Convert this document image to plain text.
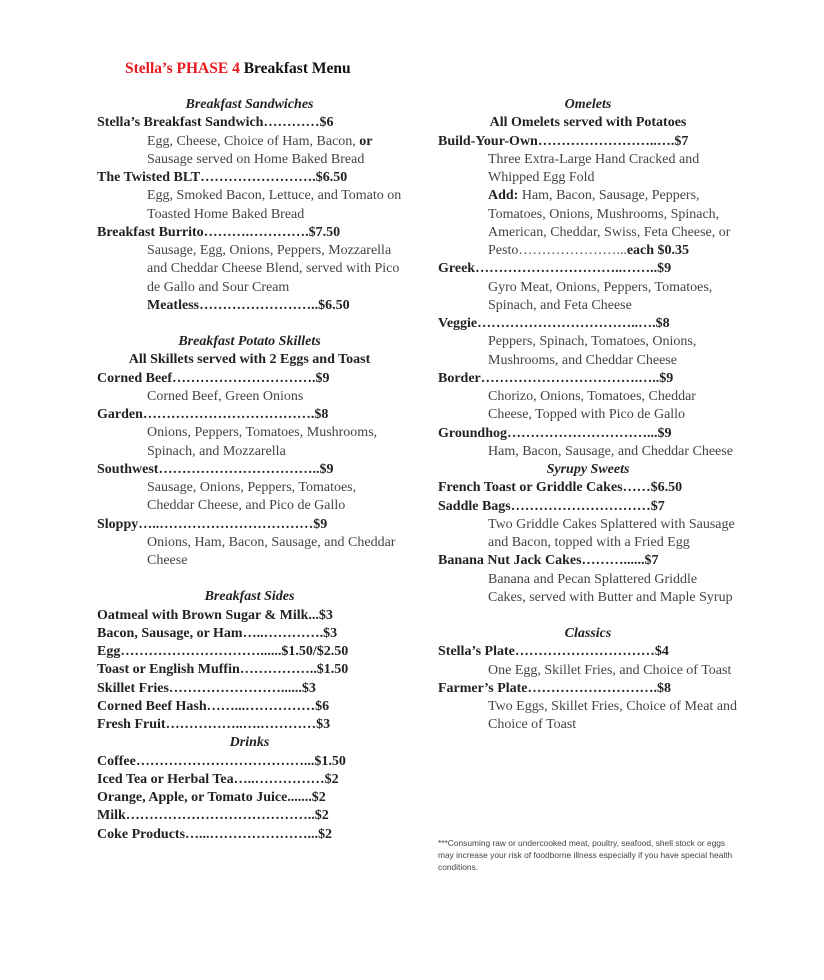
Stella’s PHASE 4 Breakfast Menu
Breakfast Sandwiches
Stella’s Breakfast Sandwich…………$6
Egg, Cheese, Choice of Ham, Bacon, or Sausage served on Home Baked Bread
The Twisted BLT…………………….$6.50
Egg, Smoked Bacon, Lettuce, and Tomato on Toasted Home Baked Bread
Breakfast Burrito……….………….$7.50
Sausage, Egg, Onions, Peppers, Mozzarella and Cheddar Cheese Blend, served with Pico de Gallo and Sour Cream
Meatless……………………..$6.50
Breakfast Potato Skillets
All Skillets served with 2 Eggs and Toast
Corned Beef………………………….$9
Corned Beef, Green Onions
Garden……………………………….$8
Onions, Peppers, Tomatoes, Mushrooms, Spinach, and Mozzarella
Southwest……………………………..$9
Sausage, Onions, Peppers, Tomatoes, Cheddar Cheese, and Pico de Gallo
Sloppy…..……………………………$9
Onions, Ham, Bacon, Sausage, and Cheddar Cheese
Breakfast Sides
Oatmeal with Brown Sugar & Milk...$3
Bacon, Sausage, or Ham…..………….$3
Egg…………………………......$1.50/$2.50
Toast or English Muffin……………..$1.50
Skillet Fries……………………......$3
Corned Beef Hash……...……………$6
Fresh Fruit……………..….…………$3
Drinks
Coffee………………………………...$1.50
Iced Tea or Herbal Tea…..……………$2
Orange, Apple, or Tomato Juice.......$2
Milk…………………………………..$2
Coke Products…...…………………...$2
Omelets
All Omelets served with Potatoes
Build-Your-Own……………………..….$7
Three Extra-Large Hand Cracked and Whipped Egg Fold
Add: Ham, Bacon, Sausage, Peppers, Tomatoes, Onions, Mushrooms, Spinach, American, Cheddar, Swiss, Feta Cheese, or
Pesto…………………...each $0.35
Greek…………………………..……..$9
Gyro Meat, Onions, Peppers, Tomatoes, Spinach, and Feta Cheese
Veggie……………………………..….$8
Peppers, Spinach, Tomatoes, Onions, Mushrooms, and Cheddar Cheese
Border…………………………….…..$9
Chorizo, Onions, Tomatoes, Cheddar Cheese, Topped with Pico de Gallo
Groundhog…………………………...$9
Ham, Bacon, Sausage, and Cheddar Cheese
Syrupy Sweets
French Toast or Griddle Cakes……$6.50
Saddle Bags…………………………$7
Two Griddle Cakes Splattered with Sausage and Bacon, topped with a Fried Egg
Banana Nut Jack Cakes………......$7
Banana and Pecan Splattered Griddle Cakes, served with Butter and Maple Syrup
Classics
Stella’s Plate…………………………$4
One Egg, Skillet Fries, and Choice of Toast
Farmer’s Plate……………………….$8
Two Eggs, Skillet Fries, Choice of Meat and Choice of Toast
***Consuming raw or undercooked meat, poultry, seafood, shell stock or eggs may increase your risk of foodborne illness especially if you have special health conditions.
